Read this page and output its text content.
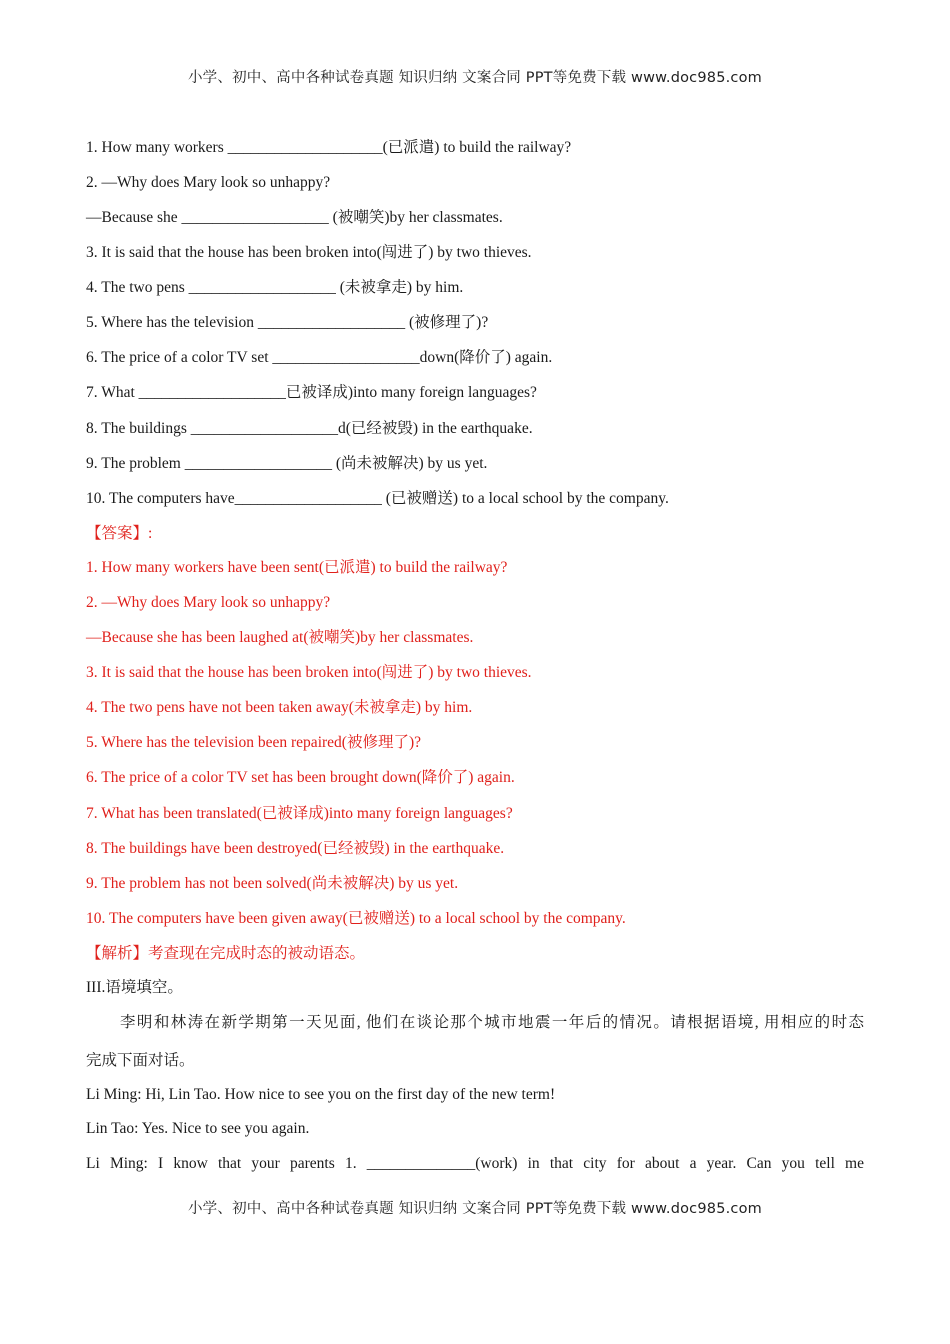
小学、初中、高中各种试卷真题 知识归纳 文案合同 PPT等免费下载 www.doc985.com
1. How many workers ____________________(已派遣) to build the railway?
2. —Why does Mary look so unhappy?
—Because she ___________________ (被嘲笑)by her classmates.
3. It is said that the house has been broken into(闯进了) by two thieves.
4. The two pens ___________________ (未被拿走) by him.
5. Where has the television ___________________ (被修理了)?
6. The price of a color TV set ___________________down(降价了) again.
7. What ___________________已被译成)into many foreign languages?
8. The buildings ___________________d(已经被毁) in the earthquake.
9. The problem ___________________ (尚未被解决) by us yet.
10. The computers have___________________ (已被赠送) to a local school by the company.
【答案】:
1. How many workers have been sent(已派遣) to build the railway?
2. —Why does Mary look so unhappy?
—Because she has been laughed at(被嘲笑)by her classmates.
3. It is said that the house has been broken into(闯进了) by two thieves.
4. The two pens have not been taken away(未被拿走) by him.
5. Where has the television been repaired(被修理了)?
6. The price of a color TV set has been brought down(降价了) again.
7. What has been translated(已被译成)into many foreign languages?
8. The buildings have been destroyed(已经被毁) in the earthquake.
9. The problem has not been solved(尚未被解决) by us yet.
10. The computers have been given away(已被赠送) to a local school by the company.
【解析】考查现在完成时态的被动语态。
III.语境填空。
李明和林涛在新学期第一天见面, 他们在谈论那个城市地震一年后的情况。请根据语境, 用相应的时态
完成下面对话。
Li Ming: Hi, Lin Tao. How nice to see you on the first day of the new term!
Lin Tao: Yes. Nice to see you again.
Li Ming: I know that your parents 1. ______________(work) in that city for about a year. Can you tell me
小学、初中、高中各种试卷真题 知识归纳 文案合同 PPT等免费下载 www.doc985.com
